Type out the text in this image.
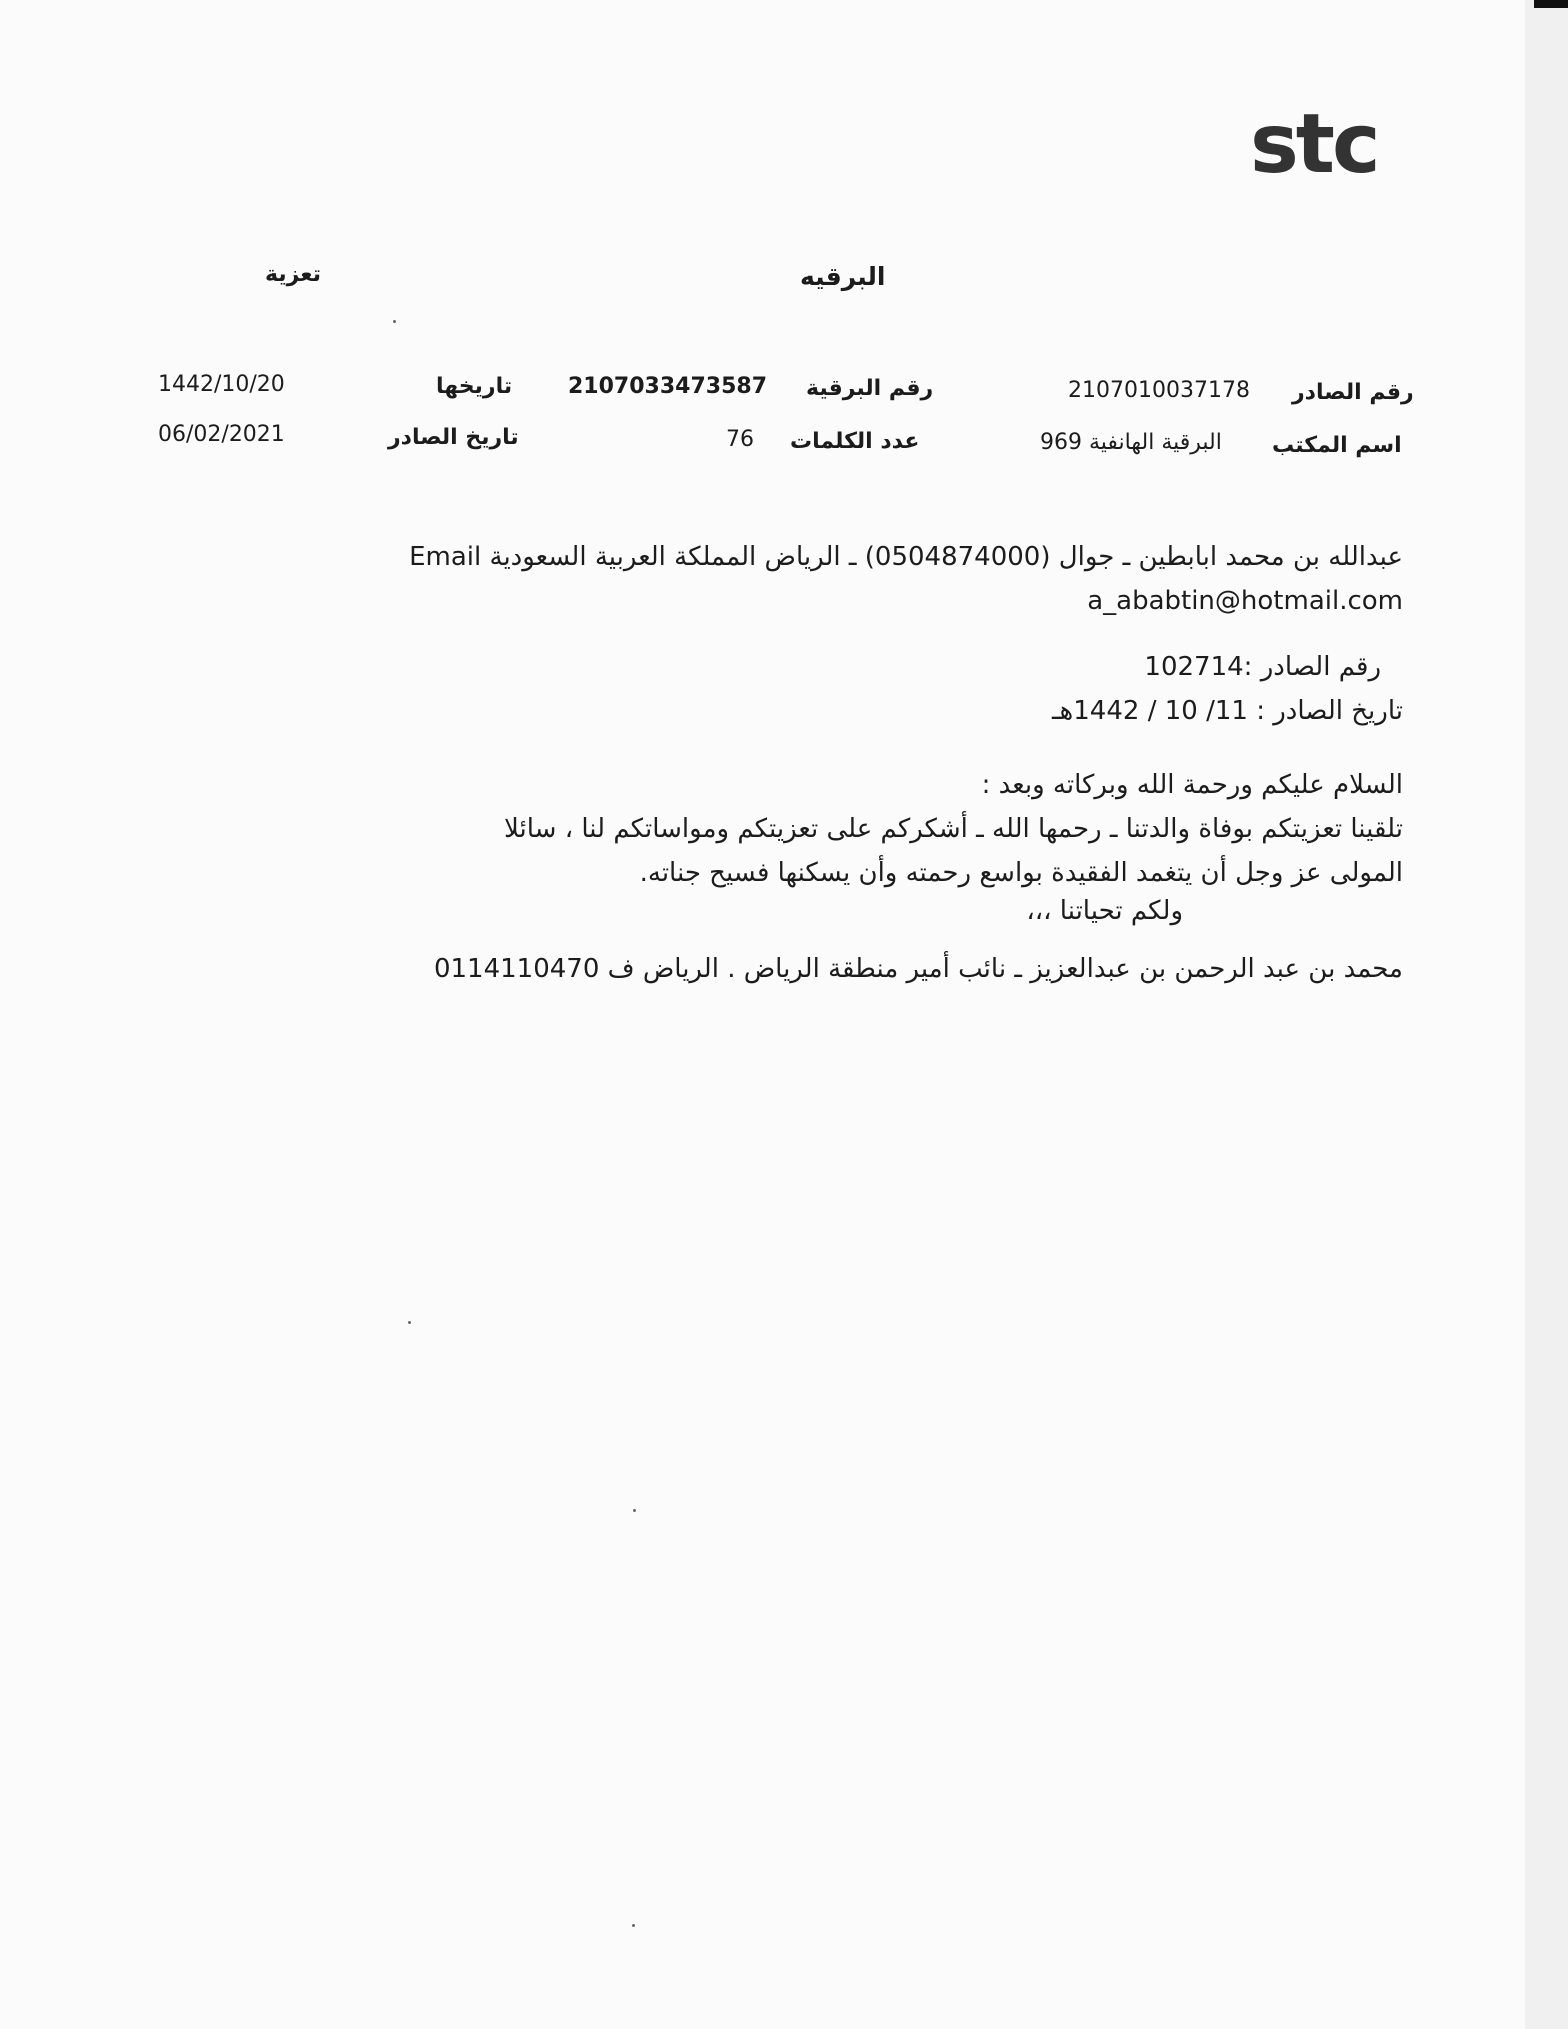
stc
البرقيه
تعزية
رقم الصادر
2107010037178
رقم البرقية
2107033473587
تاريخها
1442/10/20
اسم المكتب
البرقية الهانفية 969
عدد الكلمات
76
تاريخ الصادر
06/02/2021

عبدالله بن محمد ابابطين ـ جوال (0504874000) ـ الرياض المملكة العربية السعودية Email

a_ababtin@hotmail.com

رقم الصادر :102714

تاريخ الصادر : 11/ 10 / 1442هـ

السلام عليكم ورحمة الله وبركاته وبعد :

تلقينا تعزيتكم بوفاة والدتنا ـ رحمها الله ـ أشكركم على تعزيتكم ومواساتكم لنا ، سائلا

المولى عز وجل أن يتغمد الفقيدة بواسع رحمته وأن يسكنها فسيح جناته.

ولكم تحياتنا ،،،

محمد بن عبد الرحمن بن عبدالعزيز ـ نائب أمير منطقة الرياض . الرياض ف 0114110470
